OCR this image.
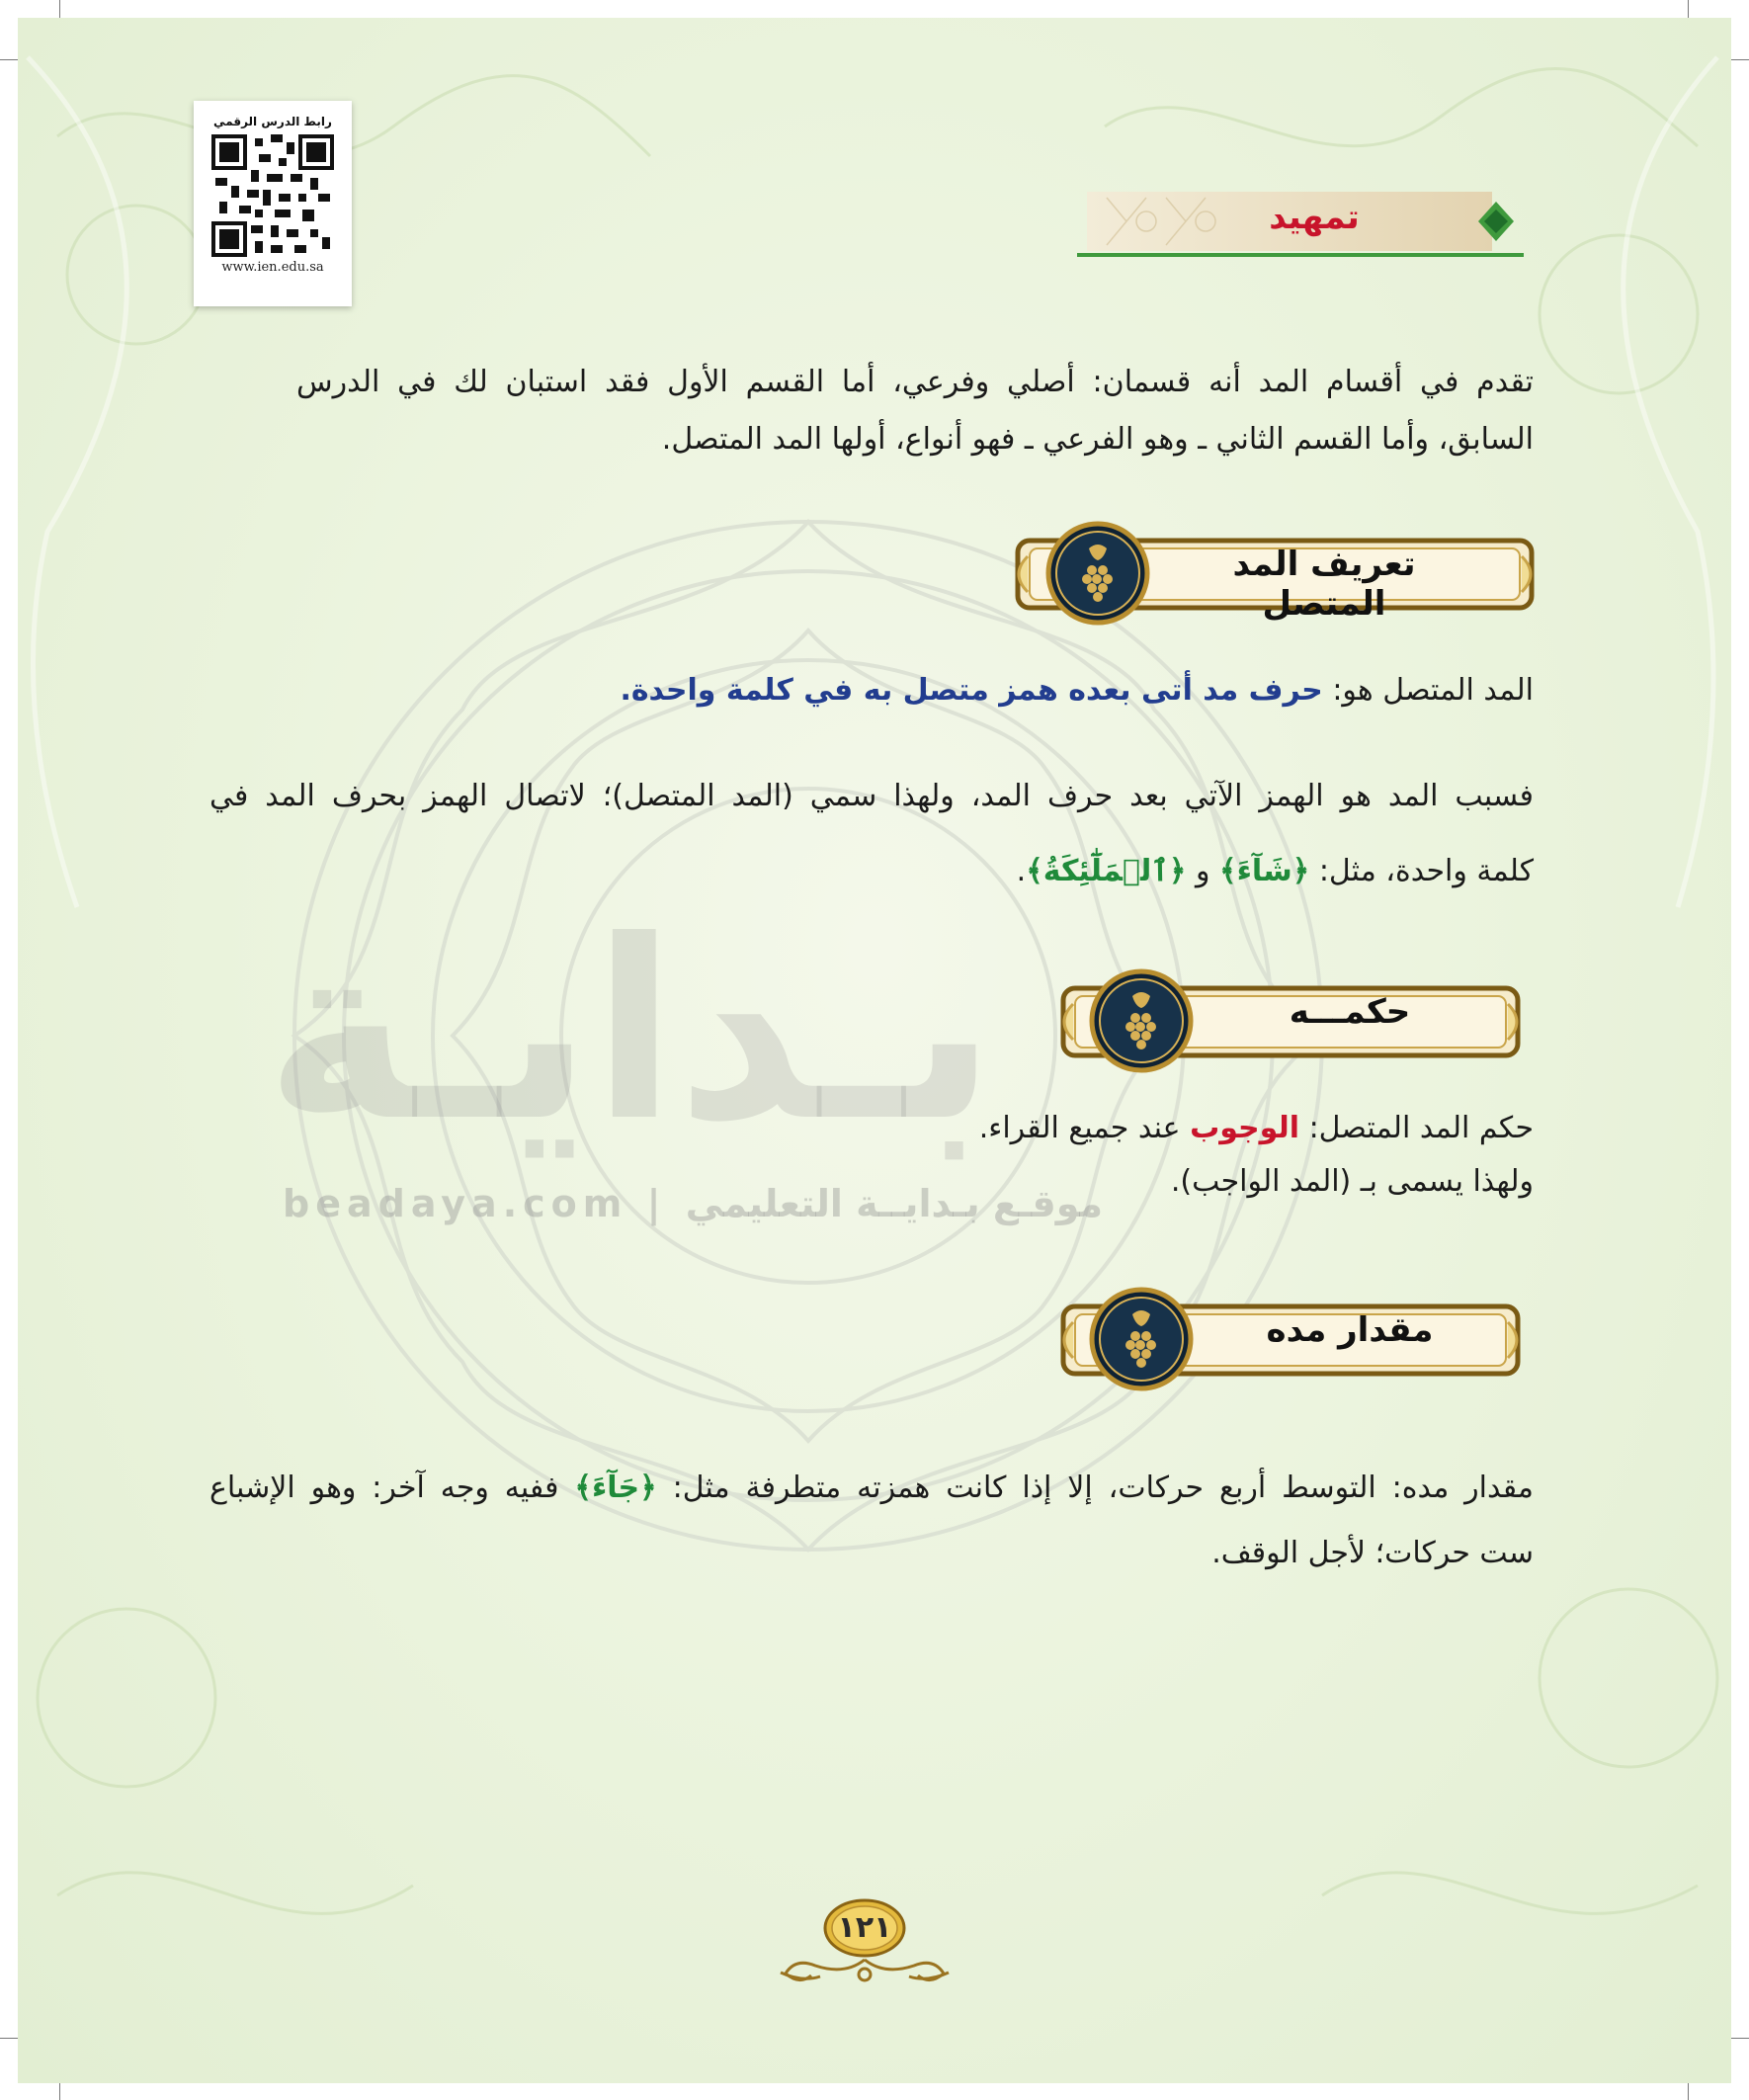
بـدايـة
beadaya.com | موقـع بـدايــة التعليمي
رابط الدرس الرقمي
www.ien.edu.sa
تمهيد
تقدم في أقسام المد أنه قسمان: أصلي وفرعي، أما القسم الأول فقد استبان لك في الدرس
السابق، وأما القسم الثاني ـ وهو الفرعي ـ فهو أنواع، أولها المد المتصل.
تعريف المد المتصل
المد المتصل هو: حرف مد أتى بعده همز متصل به في كلمة واحدة.
فسبب المد هو الهمز الآتي بعد حرف المد، ولهذا سمي (المد المتصل)؛ لاتصال الهمز بحرف المد في
كلمة واحدة، مثل: ﴿شَآءَ﴾ و ﴿ٱلۡمَلَٰٓئِكَةُ﴾.
حكمـــه
حكم المد المتصل: الوجوب عند جميع القراء.
ولهذا يسمى بـ (المد الواجب).
مقدار مده
مقدار مده: التوسط أربع حركات، إلا إذا كانت همزته متطرفة مثل: ﴿جَآءَ﴾ ففيه وجه آخر: وهو الإشباع
ست حركات؛ لأجل الوقف.
١٢١
